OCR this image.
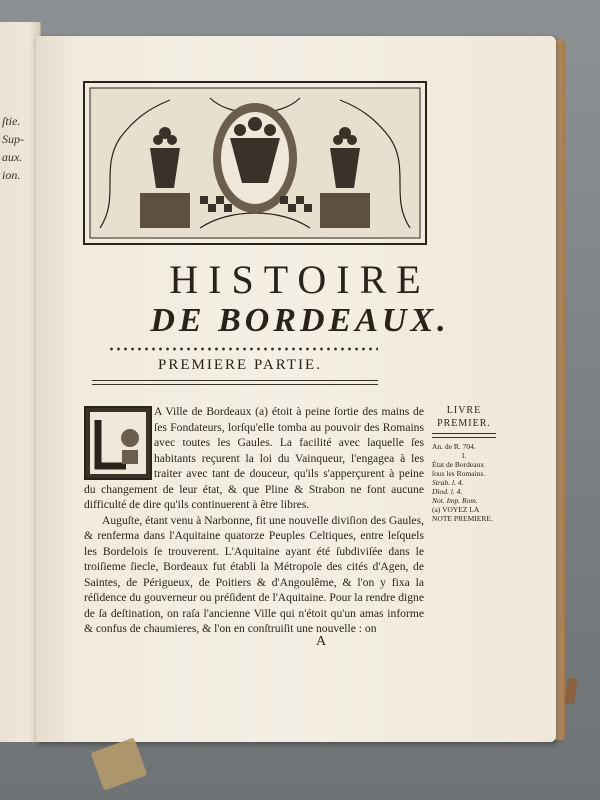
ſtie.
Sup-
aux.
ion.
HISTOIRE
DE BORDEAUX.
PREMIERE PARTIE.

A Ville de Bordeaux (a) étoit à peine ſortie des mains de ſes Fondateurs, lorſqu'elle tomba au pouvoir des Romains avec toutes les Gaules. La facilité avec laquelle ſes habitants reçurent la loi du Vainqueur, l'engagea à les traiter avec tant de douceur, qu'ils s'apperçurent à peine du changement de leur état, & que Pline & Strabon ne font aucune difficulté de dire qu'ils continuerent à être libres.

Auguſte, étant venu à Narbonne, fit une nouvelle diviſion des Gaules, & renferma dans l'Aquitaine quatorze Peuples Celtiques, entre leſquels les Bordelois ſe trouverent. L'Aquitaine ayant été ſubdiviſée dans le troiſieme ſiecle, Bordeaux fut établi la Métropole des cités d'Agen, de Saintes, de Périgueux, de Poitiers & d'Angoulême, & l'on y fixa la réſidence du gouverneur ou préſident de l'Aquitaine. Pour la rendre digne de ſa deſtination, on raſa l'ancienne Ville qui n'étoit qu'un amas informe & confus de chaumieres, & l'on en conſtruiſit une nouvelle : on

A
LIVRE
PREMIER.
An. de R. 704.
I.
État de Bordeaux ſous les Romains.
Strab. l. 4.
Diod. l. 4.
Not. Imp. Rom.
(a) VOYEZ LA NOTE PREMIERE.
